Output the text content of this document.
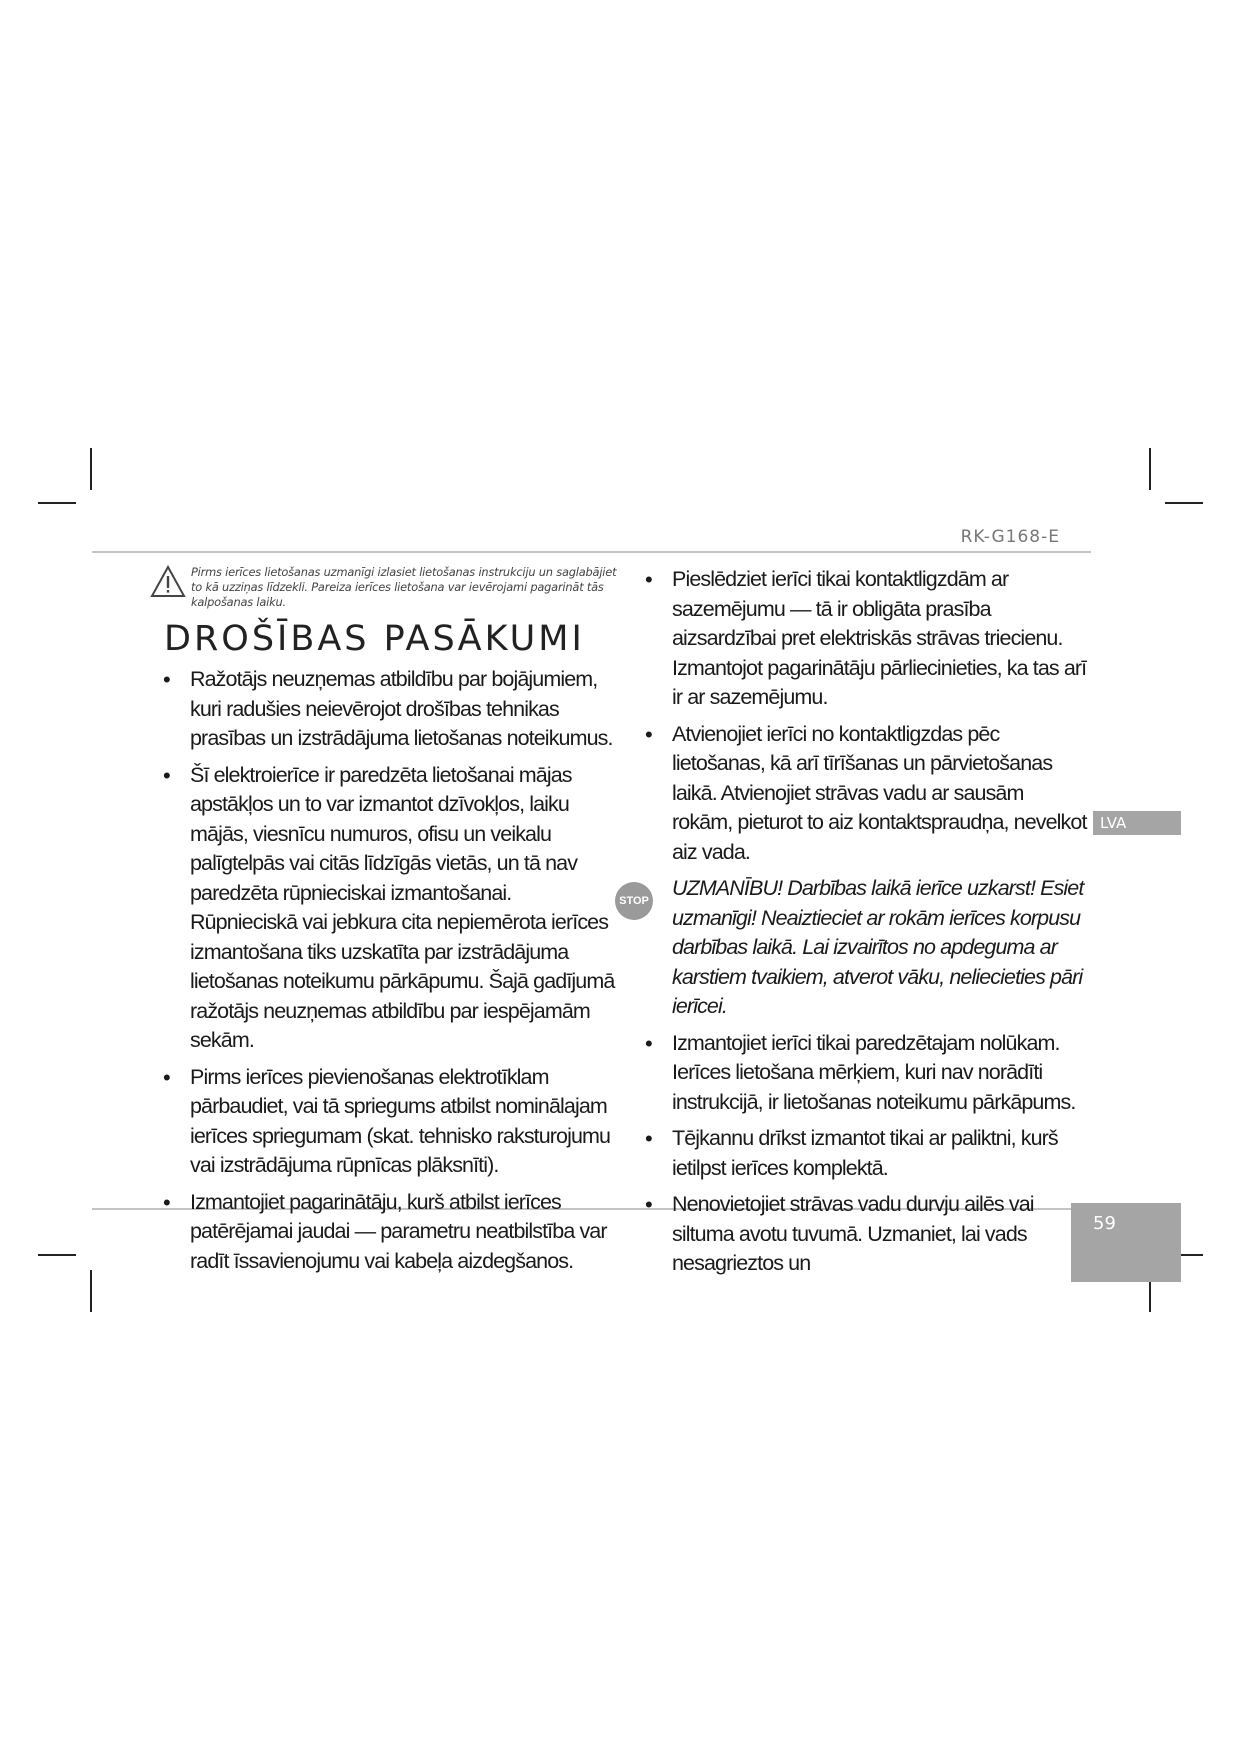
RK-G168-E
LVA
59
Pirms ierīces lietošanas uzmanīgi izlasiet lietošanas instrukciju un saglabājiet to kā uzziņas līdzekli. Pareiza ierīces lietošana var ievērojami pagarināt tās kalpošanas laiku.
DROŠĪBAS PASĀKUMI
• Ražotājs neuzņemas atbildību par bojājumiem, kuri radušies neievērojot drošības tehnikas prasības un izstrādājuma lietošanas noteikumus.
• Šī elektroierīce ir paredzēta lietošanai mājas apstākļos un to var izmantot dzīvokļos, laiku mājās, viesnīcu numuros, ofisu un veikalu palīgtelpās vai citās līdzīgās vietās, un tā nav paredzēta rūpnieciskai izmantošanai. Rūpnieciskā vai jebkura cita nepiemērota ierīces izmantošana tiks uzskatīta par izstrādājuma lietošanas noteikumu pārkāpumu. Šajā gadījumā ražotājs neuzņemas atbildību par iespējamām sekām.
• Pirms ierīces pievienošanas elektrotīklam pārbaudiet, vai tā spriegums atbilst nominālajam ierīces spriegumam (skat. tehnisko raksturojumu vai izstrādājuma rūpnīcas plāksnīti).
• Izmantojiet pagarinātāju, kurš atbilst ierīces patērējamai jaudai — parametru neatbilstība var radīt īssavienojumu vai kabeļa aizdegšanos.
• Pieslēdziet ierīci tikai kontaktligzdām ar sazemējumu — tā ir obligāta prasība aizsardzībai pret elektriskās strāvas triecienu. Izmantojot pagarinātāju pārliecinieties, ka tas arī ir ar sazemējumu.
• Atvienojiet ierīci no kontaktligzdas pēc lietošanas, kā arī tīrīšanas un pārvietošanas laikā. Atvienojiet strāvas vadu ar sausām rokām, pieturot to aiz kontaktspraudņa, nevelkot aiz vada.
STOP
UZMANĪBU! Darbības laikā ierīce uzkarst! Esiet uzmanīgi! Neaiztieciet ar rokām ierīces korpusu darbības laikā. Lai izvairītos no apdeguma ar karstiem tvaikiem, atverot vāku, neliecieties pāri ierīcei.
• Izmantojiet ierīci tikai paredzētajam nolūkam. Ierīces lietošana mērķiem, kuri nav norādīti instrukcijā, ir lietošanas noteikumu pārkāpums.
• Tējkannu drīkst izmantot tikai ar paliktni, kurš ietilpst ierīces komplektā.
• Nenovietojiet strāvas vadu durvju ailēs vai siltuma avotu tuvumā. Uzmaniet, lai vads nesagrieztos un
